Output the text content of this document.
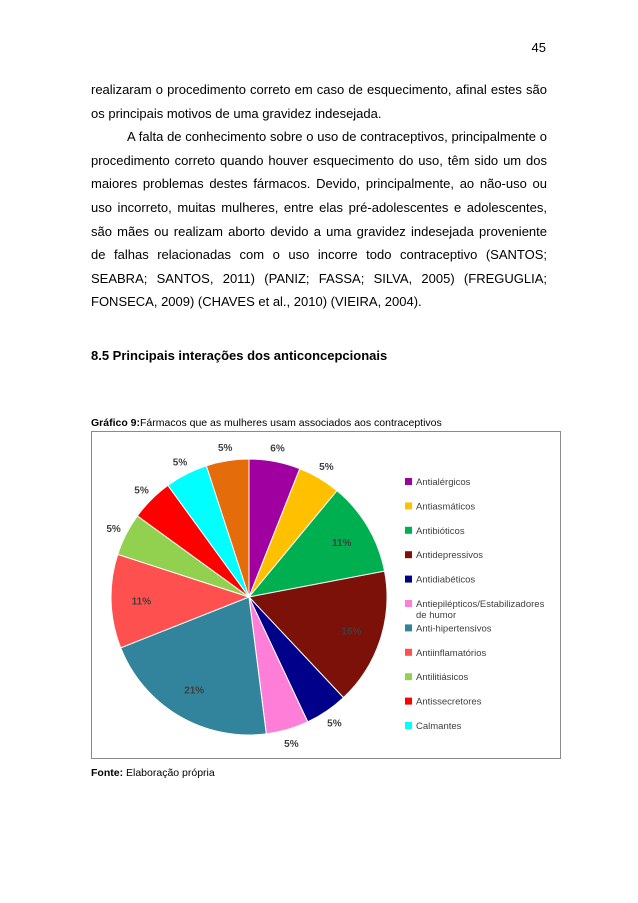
45

realizaram o procedimento correto em caso de esquecimento, afinal estes são os principais motivos de uma gravidez indesejada.

A falta de conhecimento sobre o uso de contraceptivos, principalmente o procedimento correto quando houver esquecimento do uso, têm sido um dos maiores problemas destes fármacos. Devido, principalmente, ao não-uso ou uso incorreto, muitas mulheres, entre elas pré-adolescentes e adolescentes, são mães ou realizam aborto devido a uma gravidez indesejada proveniente de falhas relacionadas com o uso incorre todo contraceptivo (SANTOS; SEABRA; SANTOS, 2011) (PANIZ; FASSA; SILVA, 2005) (FREGUGLIA; FONSECA, 2009) (CHAVES et al., 2010) (VIEIRA, 2004).

8.5 Principais interações dos anticoncepcionais

Gráfico 9:Fármacos que as mulheres usam associados aos contraceptivos

6%
5%
11%
16%
5%
5%
21%
11%
5%
5%
5%
5%
Antialérgicos
Antiasmáticos
Antibióticos
Antidepressivos
Antidiabéticos
Antiepilépticos/Estabilizadores de humor
Anti-hipertensivos
Antiinflamatórios
Antilitiásicos
Antissecretores
Calmantes

Fonte: Elaboração própria
